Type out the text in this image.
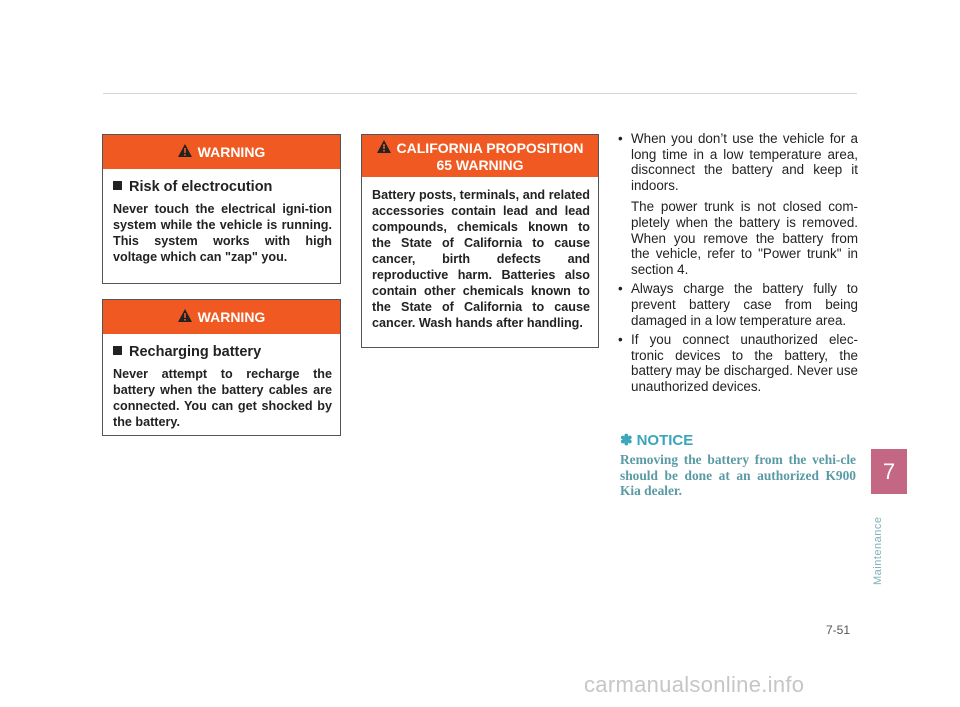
WARNING
Risk of electrocution
Never touch the electrical igni-tion system while the vehicle is running. This system works with high voltage which can "zap" you.
WARNING
Recharging battery
Never attempt to recharge the battery when the battery cables are connected. You can get shocked by the battery.
CALIFORNIA PROPOSITION
65 WARNING
Battery posts, terminals, and related accessories contain lead and lead compounds, chemicals known to the State of California to cause cancer, birth defects and reproductive harm. Batteries also contain other chemicals known to the State of California to cause cancer. Wash hands after handling.
• When you don’t use the vehicle for a long time in a low temperature area, disconnect the battery and keep it indoors.

The power trunk is not closed com-pletely when the battery is removed. When you remove the battery from the vehicle, refer to "Power trunk" in section 4.

• Always charge the battery fully to prevent battery case from being damaged in a low temperature area.

• If you connect unauthorized elec-tronic devices to the battery, the battery may be discharged. Never use unauthorized devices.

✽ NOTICE
Removing the battery from the vehi-cle should be done at an authorized K900 Kia dealer.
7
Maintenance
7-51
carmanualsonline.info
